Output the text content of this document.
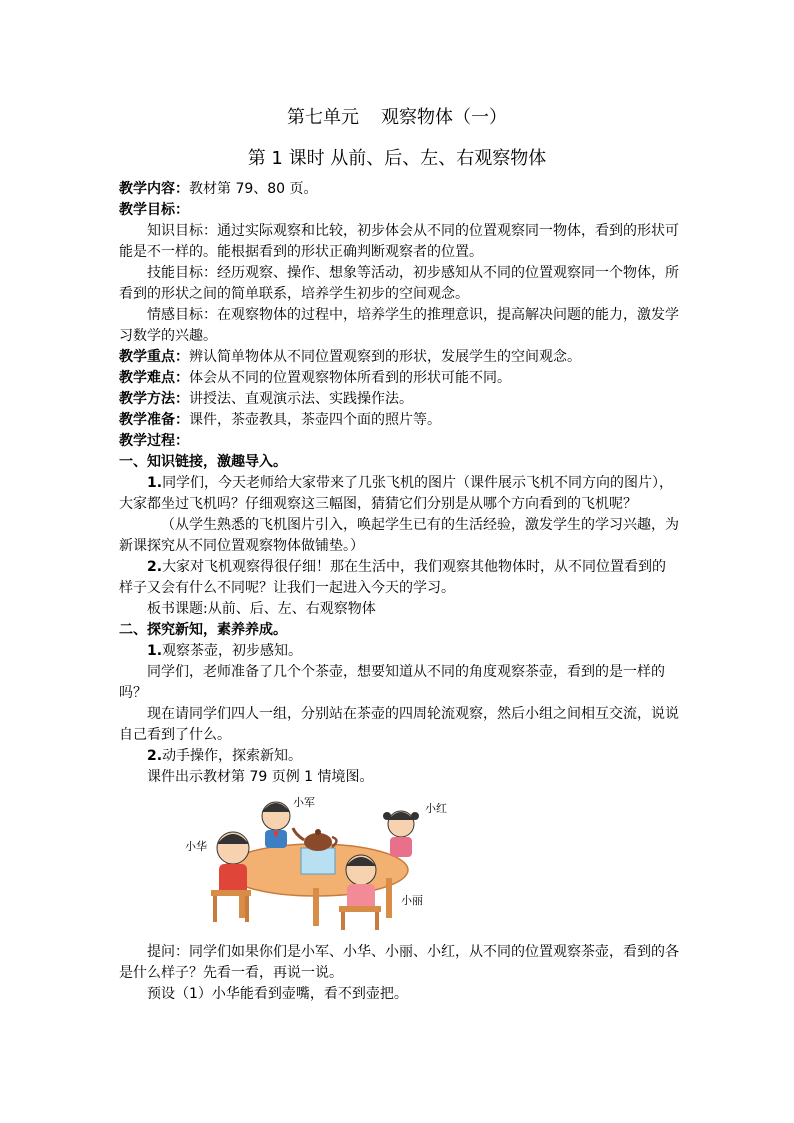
第七单元 观察物体（一）
第 1 课时 从前、后、左、右观察物体

教学内容：教材第 79、80 页。

教学目标：

知识目标：通过实际观察和比较，初步体会从不同的位置观察同一物体，看到的形状可能是不一样的。能根据看到的形状正确判断观察者的位置。

技能目标：经历观察、操作、想象等活动，初步感知从不同的位置观察同一个物体，所看到的形状之间的简单联系，培养学生初步的空间观念。

情感目标：在观察物体的过程中，培养学生的推理意识，提高解决问题的能力，激发学习数学的兴趣。

教学重点：辨认简单物体从不同位置观察到的形状，发展学生的空间观念。

教学难点：体会从不同的位置观察物体所看到的形状可能不同。

教学方法：讲授法、直观演示法、实践操作法。

教学准备：课件，茶壶教具，茶壶四个面的照片等。

教学过程：

一、知识链接，激趣导入。

1.同学们，今天老师给大家带来了几张飞机的图片（课件展示飞机不同方向的图片），大家都坐过飞机吗？仔细观察这三幅图，猜猜它们分别是从哪个方向看到的飞机呢？

（从学生熟悉的飞机图片引入，唤起学生已有的生活经验，激发学生的学习兴趣，为新课探究从不同位置观察物体做铺垫。）

2.大家对飞机观察得很仔细！那在生活中，我们观察其他物体时，从不同位置看到的样子又会有什么不同呢？让我们一起进入今天的学习。

板书课题:从前、后、左、右观察物体

二、探究新知，素养养成。

1.观察茶壶，初步感知。

同学们，老师准备了几个个茶壶，想要知道从不同的角度观察茶壶，看到的是一样的吗？

现在请同学们四人一组，分别站在茶壶的四周轮流观察，然后小组之间相互交流，说说自己看到了什么。

2.动手操作，探索新知。

课件出示教材第 79 页例 1 情境图。

小军	小红
小华
小丽

提问：同学们如果你们是小军、小华、小丽、小红，从不同的位置观察茶壶，看到的各是什么样子？先看一看，再说一说。

预设（1）小华能看到壶嘴，看不到壶把。
